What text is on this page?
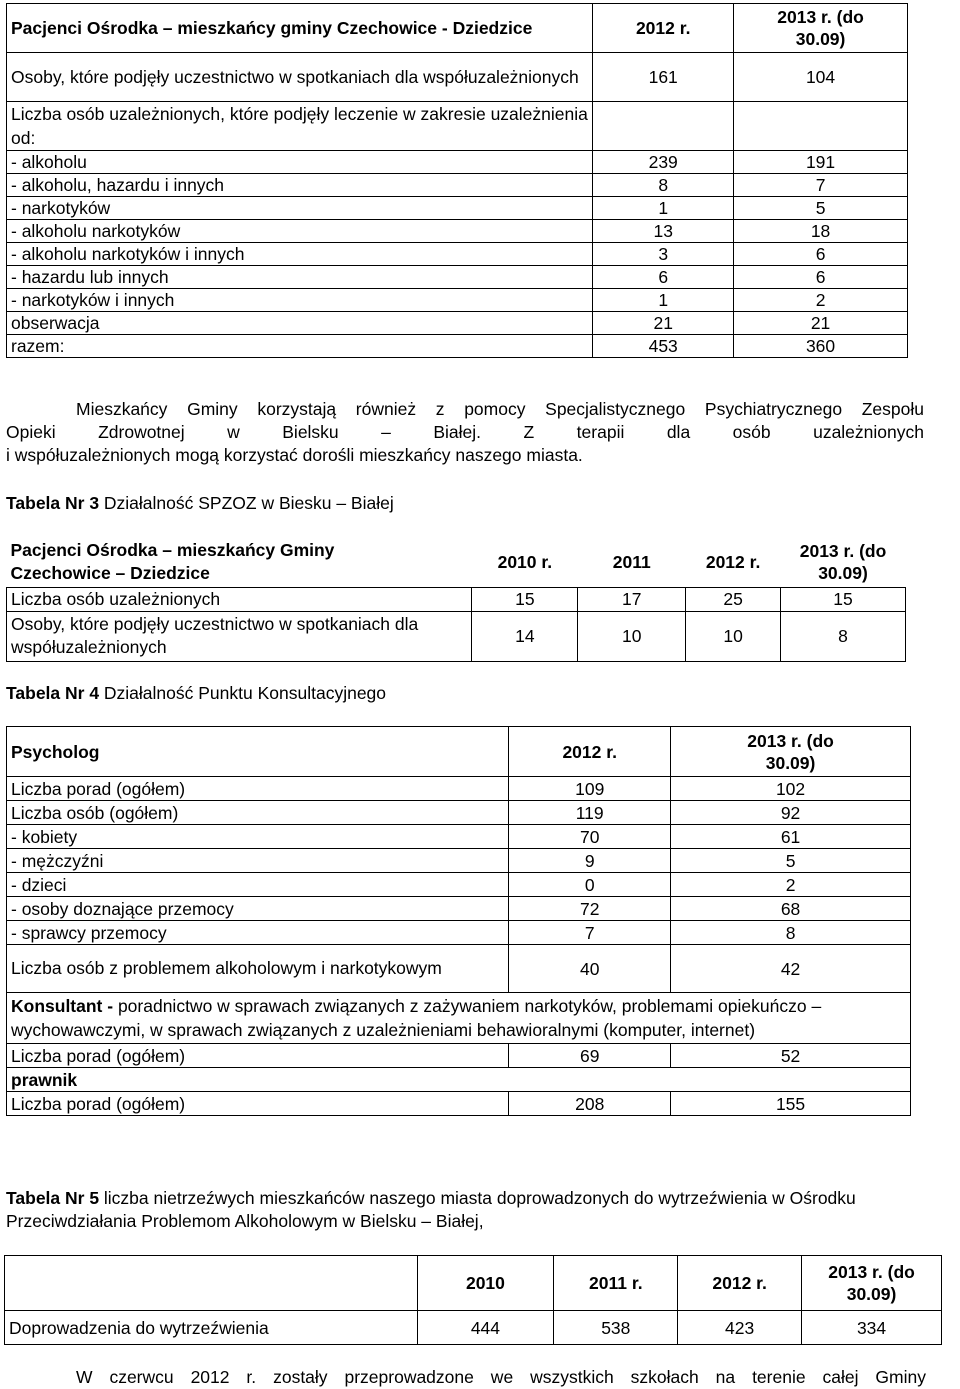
Pacjenci Ośrodka – mieszkańcy gminy Czechowice - Dziedzice	2012 r.	2013 r. (do 30.09)
Osoby, które podjęły uczestnictwo w spotkaniach dla współuzależnionych	161	104
Liczba osób uzależnionych, które podjęły leczenie w zakresie uzależnienia od:		
- alkoholu	239	191
- alkoholu, hazardu i innych	8	7
- narkotyków	1	5
- alkoholu narkotyków	13	18
- alkoholu narkotyków i innych	3	6
- hazardu lub innych	6	6
- narkotyków i innych	1	2
obserwacja	21	21
razem:	453	360

Mieszkańcy Gminy korzystają również z pomocy Specjalistycznego Psychiatrycznego Zespołu
Opieki Zdrowotnej w Bielsku – Białej. Z terapii dla osób uzależnionych
i współuzależnionych mogą korzystać dorośli mieszkańcy naszego miasta.

Tabela Nr 3 Działalność SPZOZ w Biesku – Białej

Pacjenci Ośrodka – mieszkańcy Gminy Czechowice – Dziedzice	2010 r.	2011	2012 r.	2013 r. (do 30.09)
Liczba osób uzależnionych	15	17	25	15
Osoby, które podjęły uczestnictwo w spotkaniach dla współuzależnionych	14	10	10	8

Tabela Nr 4 Działalność Punktu Konsultacyjnego

Psycholog	2012 r.	2013 r. (do 30.09)
Liczba porad (ogółem)	109	102
Liczba osób (ogółem)	119	92
- kobiety	70	61
- mężczyźni	9	5
- dzieci	0	2
- osoby doznające przemocy	72	68
- sprawcy przemocy	7	8
Liczba osób z problemem alkoholowym i narkotykowym	40	42
Konsultant - poradnictwo w sprawach związanych z zażywaniem narkotyków, problemami opiekuńczo – wychowawczymi, w sprawach związanych z uzależnieniami behawioralnymi (komputer, internet)		
Liczba porad (ogółem)	69	52
prawnik		
Liczba porad (ogółem)	208	155

Tabela Nr 5 liczba nietrzeźwych mieszkańców naszego miasta doprowadzonych do wytrzeźwienia w Ośrodku Przeciwdziałania Problemom Alkoholowym w Bielsku – Białej,

	2010	2011 r.	2012 r.	2013 r. (do 30.09)
Doprowadzenia do wytrzeźwienia	444	538	423	334

W czerwcu 2012 r. zostały przeprowadzone we wszystkich szkołach na terenie całej Gminy
